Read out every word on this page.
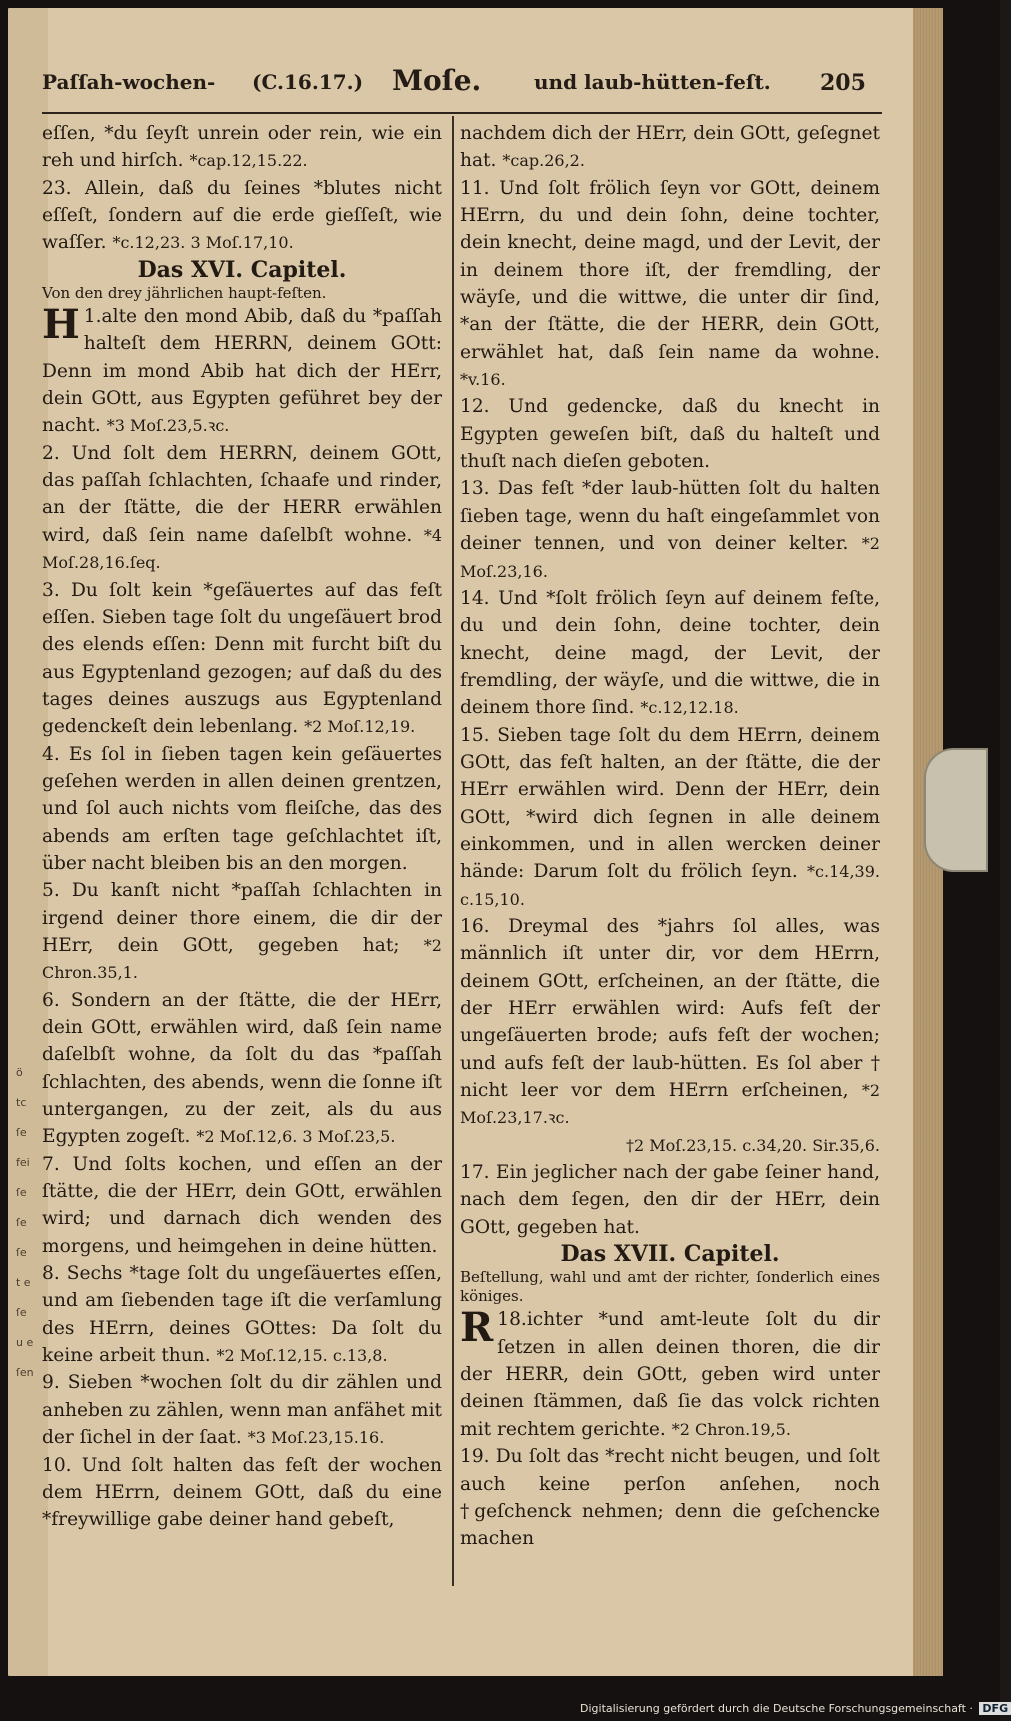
Paſſah-wochen- (C.16.17.) Moſe.	und laub-hütten-feſt. 205

eſſen, *du ſeyſt unrein oder rein, wie ein reh und hirſch. *cap.12,15.22.

23. Allein, daß du ſeines *blutes nicht eſſeſt, ſondern auf die erde gieſſeſt, wie waſſer. *c.12,23. 3 Moſ.17,10.

Das XVI. Capitel.

Von den drey jährlichen haupt-feſten.

1.
H alte den mond Abib, daß du *paſſah halteſt dem HERRN, deinem GOtt: Denn im mond Abib hat dich der HErr, dein GOtt, aus Egypten geführet bey der nacht. *3 Moſ.23,5.ꝛc.

2. Und ſolt dem HERRN, deinem GOtt, das paſſah ſchlachten, ſchaafe und rinder, an der ſtätte, die der HERR erwählen wird, daß ſein name daſelbſt wohne. *4 Moſ.28,16.ſeq.

3. Du ſolt kein *geſäuertes auf das feſt eſſen. Sieben tage ſolt du ungeſäuert brod des elends eſſen: Denn mit furcht biſt du aus Egyptenland gezogen; auf daß du des tages deines auszugs aus Egyptenland gedenckeſt dein lebenlang. *2 Moſ.12,19.

4. Es ſol in ſieben tagen kein geſäuertes geſehen werden in allen deinen grentzen, und ſol auch nichts vom fleiſche, das des abends am erſten tage geſchlachtet iſt, über nacht bleiben bis an den morgen.

5. Du kanſt nicht *paſſah ſchlachten in irgend deiner thore einem, die dir der HErr, dein GOtt, gegeben hat; *2 Chron.35,1.

6. Sondern an der ſtätte, die der HErr, dein GOtt, erwählen wird, daß ſein name daſelbſt wohne, da ſolt du das *paſſah ſchlachten, des abends, wenn die ſonne iſt untergangen, zu der zeit, als du aus Egypten zogeſt. *2 Moſ.12,6. 3 Moſ.23,5.

7. Und ſolts kochen, und eſſen an der ſtätte, die der HErr, dein GOtt, erwählen wird; und darnach dich wenden des morgens, und heimgehen in deine hütten.

8. Sechs *tage ſolt du ungeſäuertes eſſen, und am ſiebenden tage iſt die verſamlung des HErrn, deines GOttes: Da ſolt du keine arbeit thun. *2 Moſ.12,15. c.13,8.

9. Sieben *wochen ſolt du dir zählen und anheben zu zählen, wenn man anfähet mit der ſichel in der ſaat. *3 Moſ.23,15.16.

10. Und ſolt halten das feſt der wochen dem HErrn, deinem GOtt, daß du eine *freywillige gabe deiner hand gebeſt,

nachdem dich der HErr, dein GOtt, geſegnet hat. *cap.26,2.

11. Und ſolt frölich ſeyn vor GOtt, deinem HErrn, du und dein ſohn, deine tochter, dein knecht, deine magd, und der Levit, der in deinem thore iſt, der fremdling, der wäyſe, und die wittwe, die unter dir ſind, *an der ſtätte, die der HERR, dein GOtt, erwählet hat, daß ſein name da wohne. *v.16.

12. Und gedencke, daß du knecht in Egypten geweſen biſt, daß du halteſt und thuſt nach dieſen geboten.

13. Das feſt *der laub-hütten ſolt du halten ſieben tage, wenn du haſt eingeſammlet von deiner tennen, und von deiner kelter. *2 Moſ.23,16.

14. Und *ſolt frölich ſeyn auf deinem feſte, du und dein ſohn, deine tochter, dein knecht, deine magd, der Levit, der fremdling, der wäyſe, und die wittwe, die in deinem thore ſind. *c.12,12.18.

15. Sieben tage ſolt du dem HErrn, deinem GOtt, das feſt halten, an der ſtätte, die der HErr erwählen wird. Denn der HErr, dein GOtt, *wird dich ſegnen in alle deinem einkommen, und in allen wercken deiner hände: Darum ſolt du frölich ſeyn. *c.14,39. c.15,10.

16. Dreymal des *jahrs ſol alles, was männlich iſt unter dir, vor dem HErrn, deinem GOtt, erſcheinen, an der ſtätte, die der HErr erwählen wird: Aufs feſt der ungeſäuerten brode; aufs feſt der wochen; und aufs feſt der laub-hütten. Es ſol aber † nicht leer vor dem HErrn erſcheinen, *2 Moſ.23,17.ꝛc.

†2 Moſ.23,15. c.34,20. Sir.35,6.

17. Ein jeglicher nach der gabe ſeiner hand, nach dem ſegen, den dir der HErr, dein GOtt, gegeben hat.

Das XVII. Capitel.

Beſtellung, wahl und amt der richter, ſonderlich eines königes.

18.
R ichter *und amt-leute ſolt du dir ſetzen in allen deinen thoren, die dir der HERR, dein GOtt, geben wird unter deinen ſtämmen, daß ſie das volck richten mit rechtem gerichte. *2 Chron.19,5.

19. Du ſolt das *recht nicht beugen, und ſolt auch keine perſon anſehen, noch †geſchenck nehmen; denn die geſchencke machen

ö
tc
ſe
fei
ſe
ſe
ſe
t e
ſe
u e
ſen
Digitalisierung gefördert durch die Deutsche Forschungsgemeinschaft · DFG
